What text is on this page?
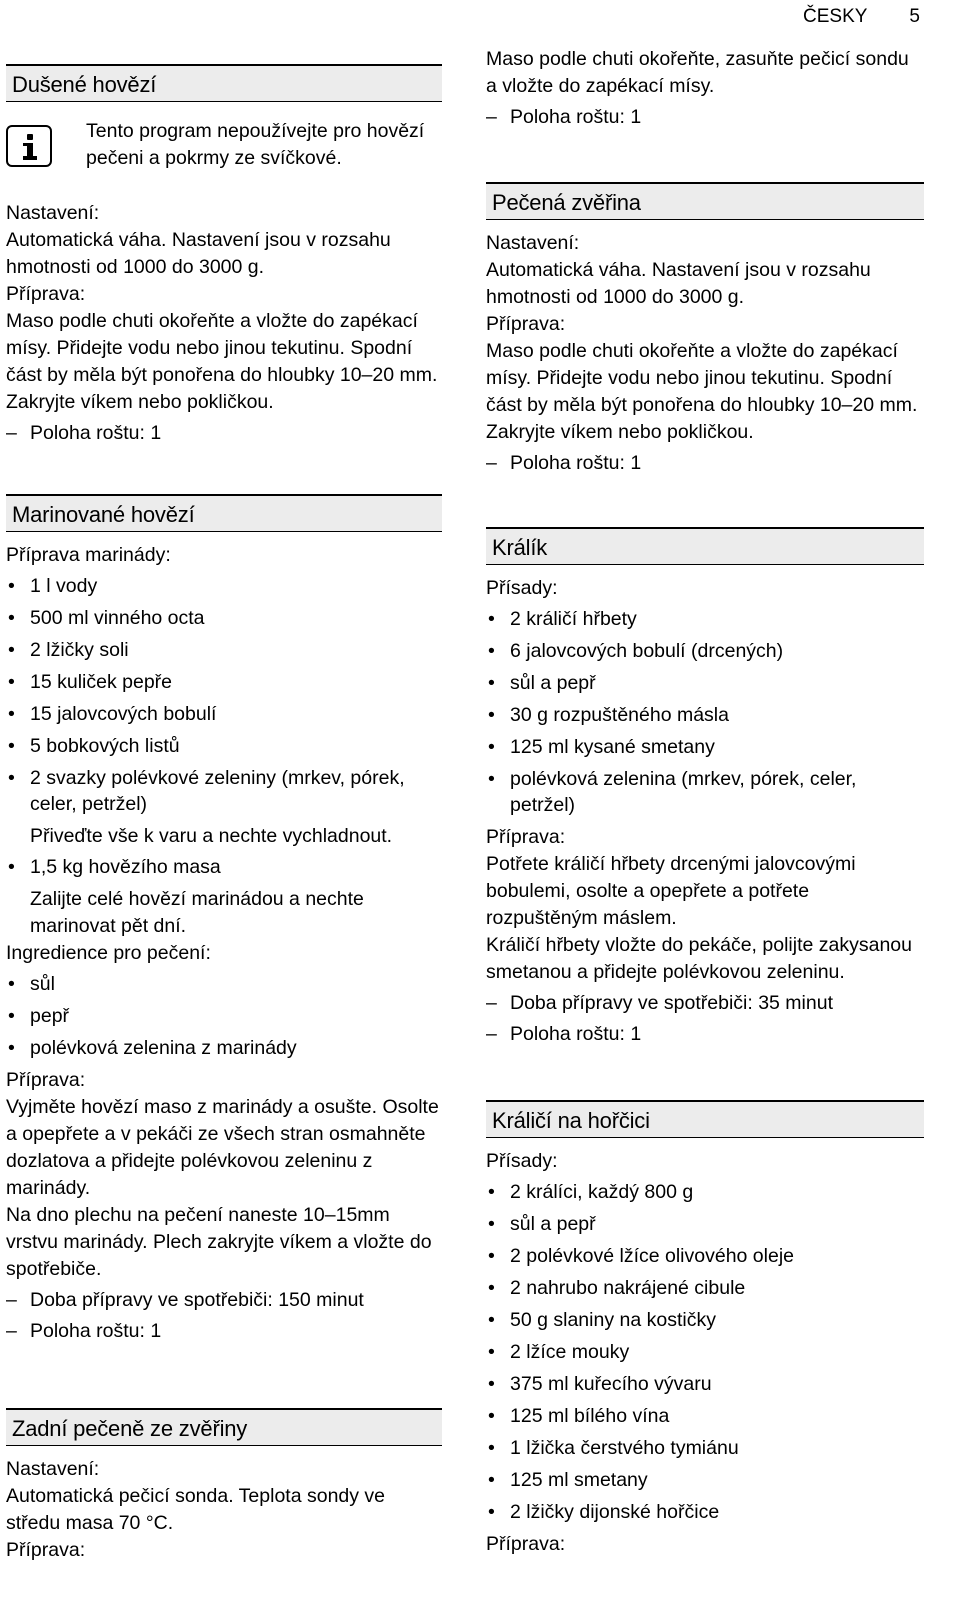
ČESKY 5
Dušené hovězí
Tento program nepoužívejte pro hovězí pečeni a pokrmy ze svíčkové.
Nastavení:

Automatická váha. Nastavení jsou v rozsahu hmotnosti od 1000 do 3000 g.

Příprava:

Maso podle chuti okořeňte a vložte do zapékací mísy. Přidejte vodu nebo jinou tekutinu. Spodní část by měla být ponořena do hloubky 10–20 mm. Zakryjte víkem nebo pokličkou.

– Poloha roštu: 1

Marinované hovězí
Příprava marinády:
• 1 l vody
• 500 ml vinného octa
• 2 lžičky soli
• 15 kuliček pepře
• 15 jalovcových bobulí
• 5 bobkových listů
• 2 svazky polévkové zeleniny (mrkev, pórek, celer, petržel)

Přiveďte vše k varu a nechte vychladnout.

• 1,5 kg hovězího masa

Zalijte celé hovězí marinádou a nechte marinovat pět dní.

Ingredience pro pečení:
• sůl
• pepř
• polévková zelenina z marinády
Příprava:

Vyjměte hovězí maso z marinády a osušte. Osolte a opepřete a v pekáči ze všech stran osmahněte dozlatova a přidejte polévkovou zeleninu z marinády.

Na dno plechu na pečení naneste 10–15mm vrstvu marinády. Plech zakryjte víkem a vložte do spotřebiče.

– Doba přípravy ve spotřebiči: 150 minut

– Poloha roštu: 1

Zadní pečeně ze zvěřiny
Nastavení:

Automatická pečicí sonda. Teplota sondy ve středu masa 70 °C.

Příprava:

Maso podle chuti okořeňte, zasuňte pečicí sondu a vložte do zapékací mísy.

– Poloha roštu: 1

Pečená zvěřina
Nastavení:

Automatická váha. Nastavení jsou v rozsahu hmotnosti od 1000 do 3000 g.

Příprava:

Maso podle chuti okořeňte a vložte do zapékací mísy. Přidejte vodu nebo jinou tekutinu. Spodní část by měla být ponořena do hloubky 10–20 mm. Zakryjte víkem nebo pokličkou.

– Poloha roštu: 1

Králík
Přísady:
• 2 králičí hřbety
• 6 jalovcových bobulí (drcených)
• sůl a pepř
• 30 g rozpuštěného másla
• 125 ml kysané smetany
• polévková zelenina (mrkev, pórek, celer, petržel)
Příprava:

Potřete králičí hřbety drcenými jalovcovými bobulemi, osolte a opepřete a potřete rozpuštěným máslem.

Králičí hřbety vložte do pekáče, polijte zakysanou smetanou a přidejte polévkovou zeleninu.

– Doba přípravy ve spotřebiči: 35 minut

– Poloha roštu: 1

Králičí na hořčici
Přísady:
• 2 králíci, každý 800 g
• sůl a pepř
• 2 polévkové lžíce olivového oleje
• 2 nahrubo nakrájené cibule
• 50 g slaniny na kostičky
• 2 lžíce mouky
• 375 ml kuřecího vývaru
• 125 ml bílého vína
• 1 lžička čerstvého tymiánu
• 125 ml smetany
• 2 lžičky dijonské hořčice
Příprava:
